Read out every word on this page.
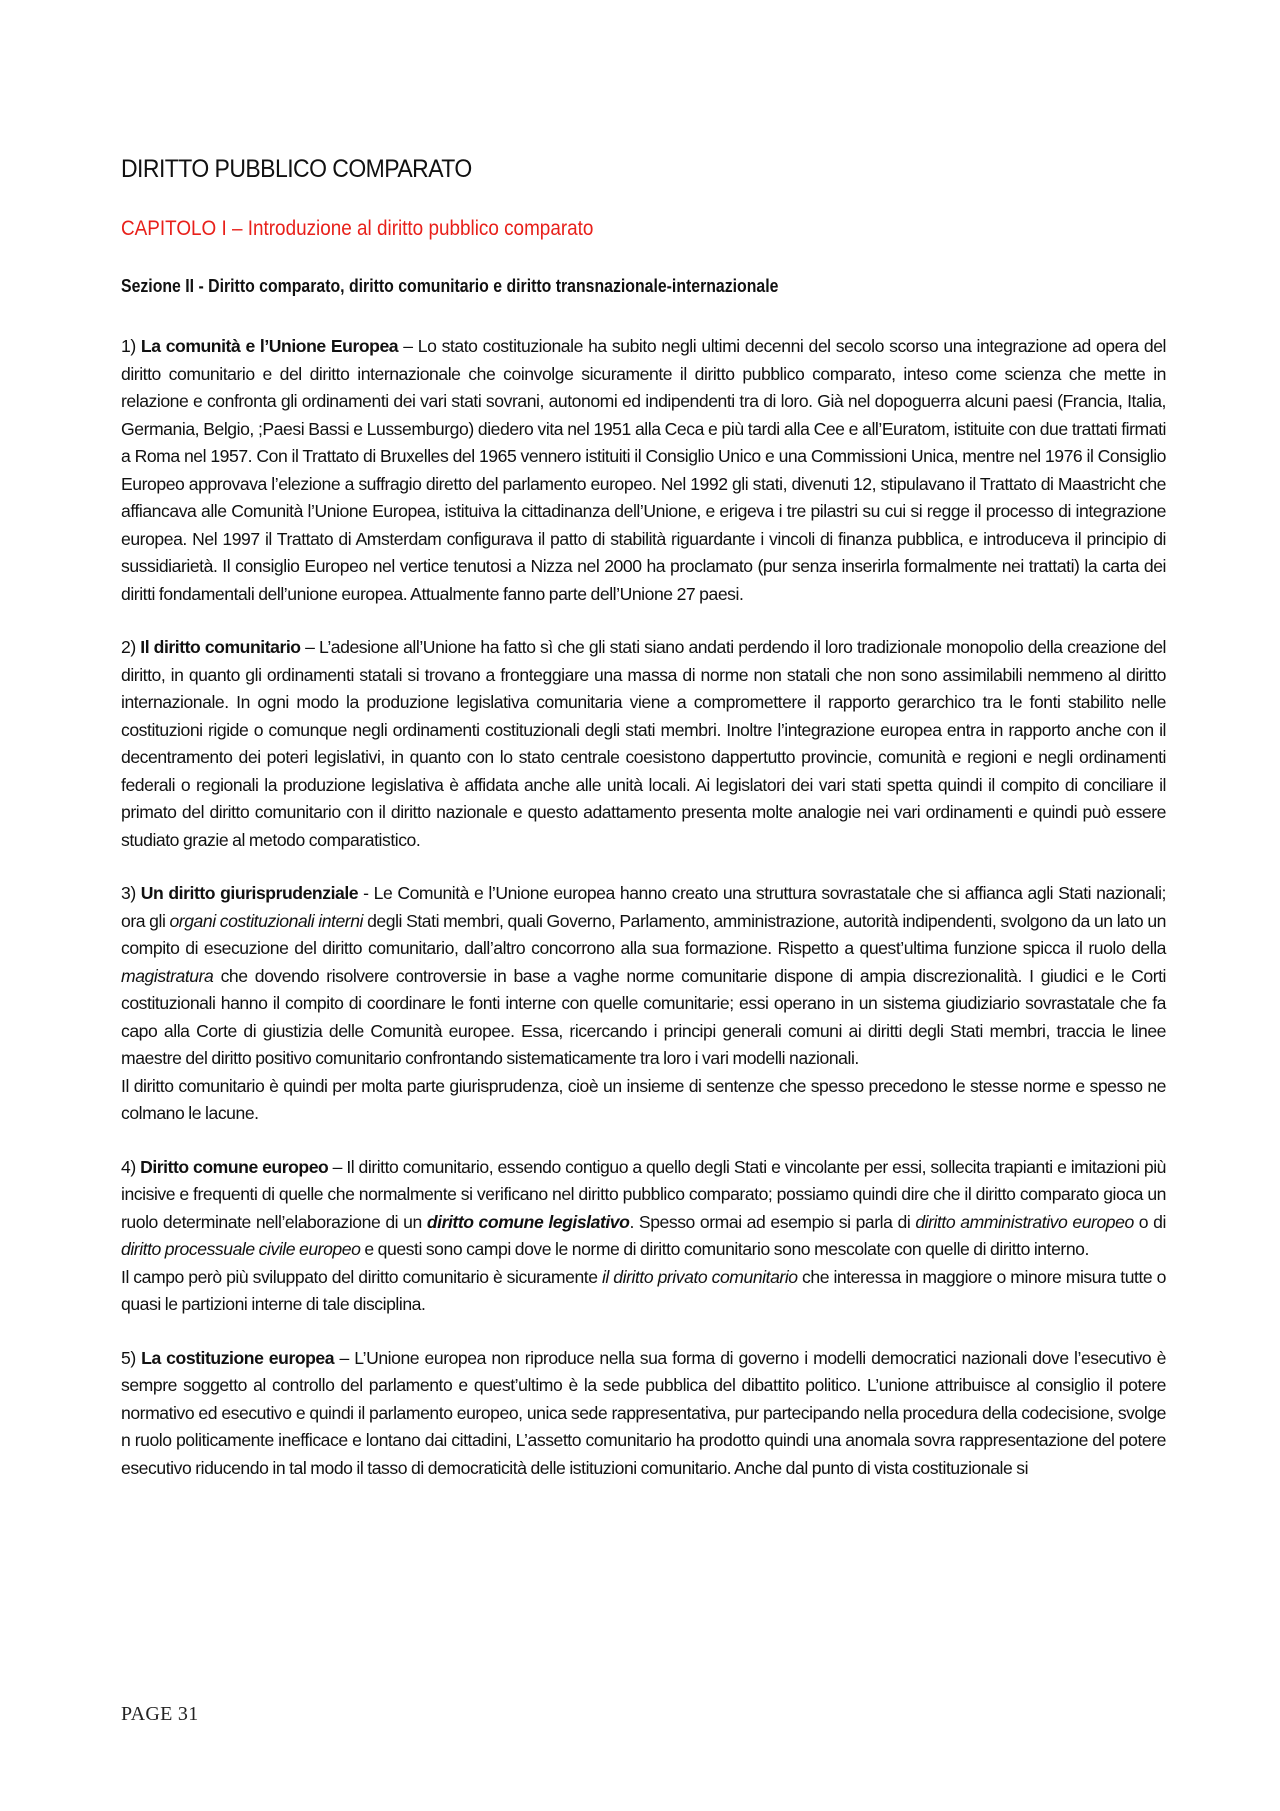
DIRITTO PUBBLICO COMPARATO
CAPITOLO I – Introduzione al diritto pubblico comparato
Sezione II - Diritto comparato, diritto comunitario e diritto transnazionale-internazionale

1) La comunità e l’Unione Europea – Lo stato costituzionale ha subito negli ultimi decenni del secolo scorso una integrazione ad opera del diritto comunitario e del diritto internazionale che coinvolge sicuramente il diritto pubblico comparato, inteso come scienza che mette in relazione e confronta gli ordinamenti dei vari stati sovrani, autonomi ed indipendenti tra di loro. Già nel dopoguerra alcuni paesi (Francia, Italia, Germania, Belgio, ;Paesi Bassi e Lussemburgo) diedero vita nel 1951 alla Ceca e più tardi alla Cee e all’Euratom, istituite con due trattati firmati a Roma nel 1957. Con il Trattato di Bruxelles del 1965 vennero istituiti il Consiglio Unico e una Commissioni Unica, mentre nel 1976 il Consiglio Europeo approvava l’elezione a suffragio diretto del parlamento europeo. Nel 1992 gli stati, divenuti 12, stipulavano il Trattato di Maastricht che affiancava alle Comunità l’Unione Europea, istituiva la cittadinanza dell’Unione, e erigeva i tre pilastri su cui si regge il processo di integrazione europea. Nel 1997 il Trattato di Amsterdam configurava il patto di stabilità riguardante i vincoli di finanza pubblica, e introduceva il principio di sussidiarietà. Il consiglio Europeo nel vertice tenutosi a Nizza nel 2000 ha proclamato (pur senza inserirla formalmente nei trattati) la carta dei diritti fondamentali dell’unione europea. Attualmente fanno parte dell’Unione 27 paesi.

2) Il diritto comunitario – L’adesione all’Unione ha fatto sì che gli stati siano andati perdendo il loro tradizionale monopolio della creazione del diritto, in quanto gli ordinamenti statali si trovano a fronteggiare una massa di norme non statali che non sono assimilabili nemmeno al diritto internazionale. In ogni modo la produzione legislativa comunitaria viene a compromettere il rapporto gerarchico tra le fonti stabilito nelle costituzioni rigide o comunque negli ordinamenti costituzionali degli stati membri. Inoltre l’integrazione europea entra in rapporto anche con il decentramento dei poteri legislativi, in quanto con lo stato centrale coesistono dappertutto provincie, comunità e regioni e negli ordinamenti federali o regionali la produzione legislativa è affidata anche alle unità locali. Ai legislatori dei vari stati spetta quindi il compito di conciliare il primato del diritto comunitario con il diritto nazionale e questo adattamento presenta molte analogie nei vari ordinamenti e quindi può essere studiato grazie al metodo comparatistico.

3) Un diritto giurisprudenziale - Le Comunità e l’Unione europea hanno creato una struttura sovrastatale che si affianca agli Stati nazionali; ora gli organi costituzionali interni degli Stati membri, quali Governo, Parlamento, amministrazione, autorità indipendenti, svolgono da un lato un compito di esecuzione del diritto comunitario, dall’altro concorrono alla sua formazione. Rispetto a quest’ultima funzione spicca il ruolo della magistratura che dovendo risolvere controversie in base a vaghe norme comunitarie dispone di ampia discrezionalità. I giudici e le Corti costituzionali hanno il compito di coordinare le fonti interne con quelle comunitarie; essi operano in un sistema giudiziario sovrastatale che fa capo alla Corte di giustizia delle Comunità europee. Essa, ricercando i principi generali comuni ai diritti degli Stati membri, traccia le linee maestre del diritto positivo comunitario confrontando sistematicamente tra loro i vari modelli nazionali.
Il diritto comunitario è quindi per molta parte giurisprudenza, cioè un insieme di sentenze che spesso precedono le stesse norme e spesso ne colmano le lacune.

4) Diritto comune europeo – Il diritto comunitario, essendo contiguo a quello degli Stati e vincolante per essi, sollecita trapianti e imitazioni più incisive e frequenti di quelle che normalmente si verificano nel diritto pubblico comparato; possiamo quindi dire che il diritto comparato gioca un ruolo determinate nell’elaborazione di un diritto comune legislativo. Spesso ormai ad esempio si parla di diritto amministrativo europeo o di diritto processuale civile europeo e questi sono campi dove le norme di diritto comunitario sono mescolate con quelle di diritto interno.
Il campo però più sviluppato del diritto comunitario è sicuramente il diritto privato comunitario che interessa in maggiore o minore misura tutte o quasi le partizioni interne di tale disciplina.

5) La costituzione europea – L’Unione europea non riproduce nella sua forma di governo i modelli democratici nazionali dove l’esecutivo è sempre soggetto al controllo del parlamento e quest’ultimo è la sede pubblica del dibattito politico. L’unione attribuisce al consiglio il potere normativo ed esecutivo e quindi il parlamento europeo, unica sede rappresentativa, pur partecipando nella procedura della codecisione, svolge n ruolo politicamente inefficace e lontano dai cittadini, L’assetto comunitario ha prodotto quindi una anomala sovra rappresentazione del potere esecutivo riducendo in tal modo il tasso di democraticità delle istituzioni comunitario. Anche dal punto di vista costituzionale si

PAGE 31
